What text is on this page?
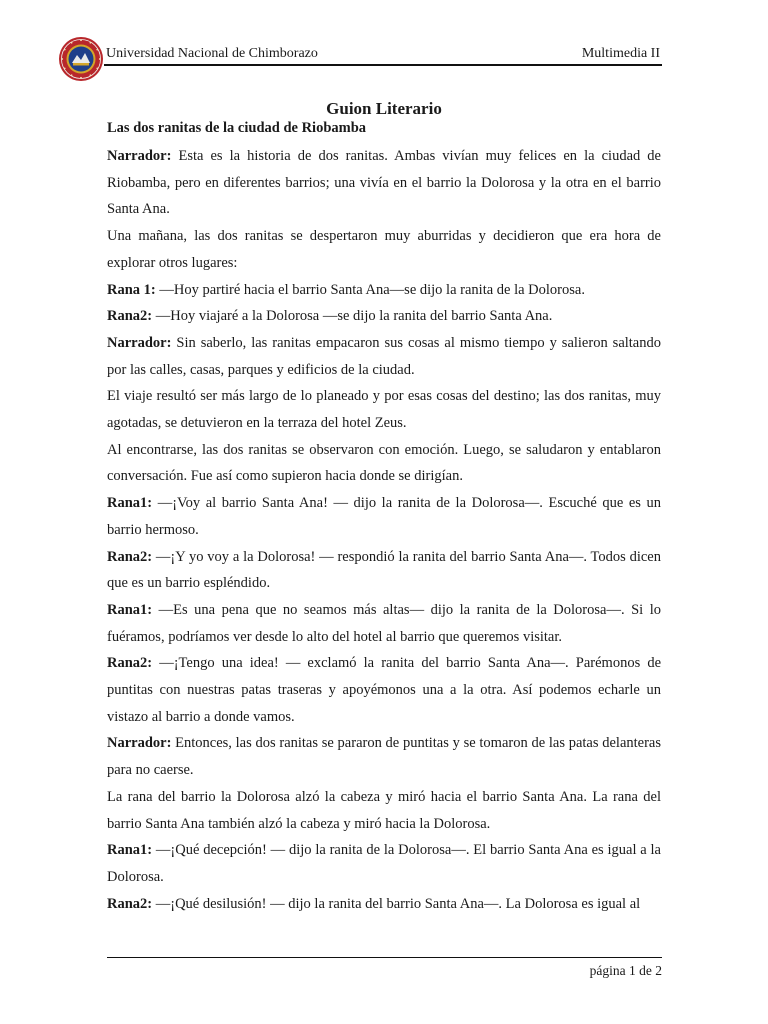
Universidad Nacional de Chimborazo	Multimedia II
Guion Literario
Las dos ranitas de la ciudad de Riobamba

Narrador: Esta es la historia de dos ranitas. Ambas vivían muy felices en la ciudad de Riobamba, pero en diferentes barrios; una vivía en el barrio la Dolorosa y la otra en el barrio Santa Ana.

Una mañana, las dos ranitas se despertaron muy aburridas y decidieron que era hora de explorar otros lugares:

Rana 1: —Hoy partiré hacia el barrio Santa Ana—se dijo la ranita de la Dolorosa.

Rana2: —Hoy viajaré a la Dolorosa —se dijo la ranita del barrio Santa Ana.

Narrador: Sin saberlo, las ranitas empacaron sus cosas al mismo tiempo y salieron saltando por las calles, casas, parques y edificios de la ciudad.

El viaje resultó ser más largo de lo planeado y por esas cosas del destino; las dos ranitas, muy agotadas, se detuvieron en la terraza del hotel Zeus.

Al encontrarse, las dos ranitas se observaron con emoción. Luego, se saludaron y entablaron conversación. Fue así como supieron hacia donde se dirigían.

Rana1: —¡Voy al barrio Santa Ana! — dijo la ranita de la Dolorosa—. Escuché que es un barrio hermoso.

Rana2: —¡Y yo voy a la Dolorosa! — respondió la ranita del barrio Santa Ana—. Todos dicen que es un barrio espléndido.

Rana1: —Es una pena que no seamos más altas— dijo la ranita de la Dolorosa—. Si lo fuéramos, podríamos ver desde lo alto del hotel al barrio que queremos visitar.

Rana2: —¡Tengo una idea! — exclamó la ranita del barrio Santa Ana—. Parémonos de puntitas con nuestras patas traseras y apoyémonos una a la otra. Así podemos echarle un vistazo al barrio a donde vamos.

Narrador: Entonces, las dos ranitas se pararon de puntitas y se tomaron de las patas delanteras para no caerse.

La rana del barrio la Dolorosa alzó la cabeza y miró hacia el barrio Santa Ana. La rana del barrio Santa Ana también alzó la cabeza y miró hacia la Dolorosa.

Rana1: —¡Qué decepción! — dijo la ranita de la Dolorosa—. El barrio Santa Ana es igual a la Dolorosa.

Rana2: —¡Qué desilusión! — dijo la ranita del barrio Santa Ana—. La Dolorosa es igual al

página 1 de 2
